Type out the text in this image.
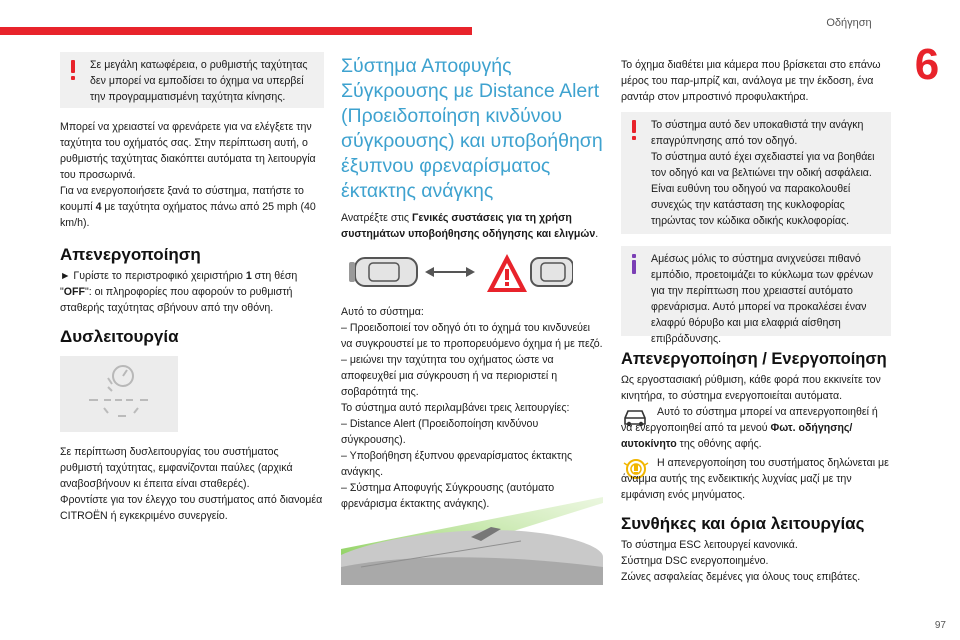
Οδήγηση
6
97

Σε μεγάλη κατωφέρεια, ο ρυθμιστής ταχύτητας δεν μπορεί να εμποδίσει το όχημα να υπερβεί την προγραμματισμένη ταχύτητα κίνησης.

Μπορεί να χρειαστεί να φρενάρετε για να ελέγξετε την ταχύτητα του οχήματός σας. Στην περίπτωση αυτή, ο ρυθμιστής ταχύτητας διακόπτει αυτόματα τη λειτουργία του προσωρινά.

Για να ενεργοποιήσετε ξανά το σύστημα, πατήστε το κουμπί 4 με ταχύτητα οχήματος πάνω από 25 mph (40 km/h).

Απενεργοποίηση

► Γυρίστε το περιστροφικό χειριστήριο 1 στη θέση "OFF": οι πληροφορίες που αφορούν το ρυθμιστή σταθερής ταχύτητας σβήνουν από την οθόνη.

Δυσλειτουργία

Σε περίπτωση δυσλειτουργίας του συστήματος ρυθμιστή ταχύτητας, εμφανίζονται παύλες (αρχικά αναβοσβήνουν κι έπειτα είναι σταθερές).

Φροντίστε για τον έλεγχο του συστήματος από διανομέα CITROËN ή εγκεκριμένο συνεργείο.

Σύστημα Αποφυγής
Σύγκρουσης με Distance Alert
(Προειδοποίηση κινδύνου
σύγκρουσης) και υποβοήθηση
έξυπνου φρεναρίσματος
έκτακτης ανάγκης

Ανατρέξτε στις Γενικές συστάσεις για τη χρήση συστημάτων υποβοήθησης οδήγησης και ελιγμών.

Αυτό το σύστημα:

– Προειδοποιεί τον οδηγό ότι το όχημά του κινδυνεύει να συγκρουστεί με το προπορευόμενο όχημα ή με πεζό.

– μειώνει την ταχύτητα του οχήματος ώστε να αποφευχθεί μια σύγκρουση ή να περιοριστεί η σοβαρότητά της.

Το σύστημα αυτό περιλαμβάνει τρεις λειτουργίες:

– Distance Alert (Προειδοποίηση κινδύνου σύγκρουσης).

– Υποβοήθηση έξυπνου φρεναρίσματος έκτακτης ανάγκης.

– Σύστημα Αποφυγής Σύγκρουσης (αυτόματο φρενάρισμα έκτακτης ανάγκης).

Το όχημα διαθέτει μια κάμερα που βρίσκεται στο επάνω μέρος του παρ-μπρίζ και, ανάλογα με την έκδοση, ένα ραντάρ στον μπροστινό προφυλακτήρα.

Το σύστημα αυτό δεν υποκαθιστά την ανάγκη επαγρύπνησης από τον οδηγό.

Το σύστημα αυτό έχει σχεδιαστεί για να βοηθάει τον οδηγό και να βελτιώνει την οδική ασφάλεια.

Είναι ευθύνη του οδηγού να παρακολουθεί συνεχώς την κατάσταση της κυκλοφορίας τηρώντας τον κώδικα οδικής κυκλοφορίας.

Αμέσως μόλις το σύστημα ανιχνεύσει πιθανό εμπόδιο, προετοιμάζει το κύκλωμα των φρένων για την περίπτωση που χρειαστεί αυτόματο φρενάρισμα. Αυτό μπορεί να προκαλέσει έναν ελαφρύ θόρυβο και μια ελαφριά αίσθηση επιβράδυνσης.

Απενεργοποίηση / Ενεργοποίηση

Ως εργοστασιακή ρύθμιση, κάθε φορά που εκκινείτε τον κινητήρα, το σύστημα ενεργοποιείται αυτόματα.

Αυτό το σύστημα μπορεί να απενεργοποιηθεί ή να ενεργοποιηθεί από τα μενού Φωτ. οδήγησης/αυτοκίνητο της οθόνης αφής.

Η απενεργοποίηση του συστήματος δηλώνεται με άναμμα αυτής της ενδεικτικής λυχνίας μαζί με την εμφάνιση ενός μηνύματος.

Συνθήκες και όρια λειτουργίας

Το σύστημα ESC λειτουργεί κανονικά.

Σύστημα DSC ενεργοποιημένο.

Ζώνες ασφαλείας δεμένες για όλους τους επιβάτες.
